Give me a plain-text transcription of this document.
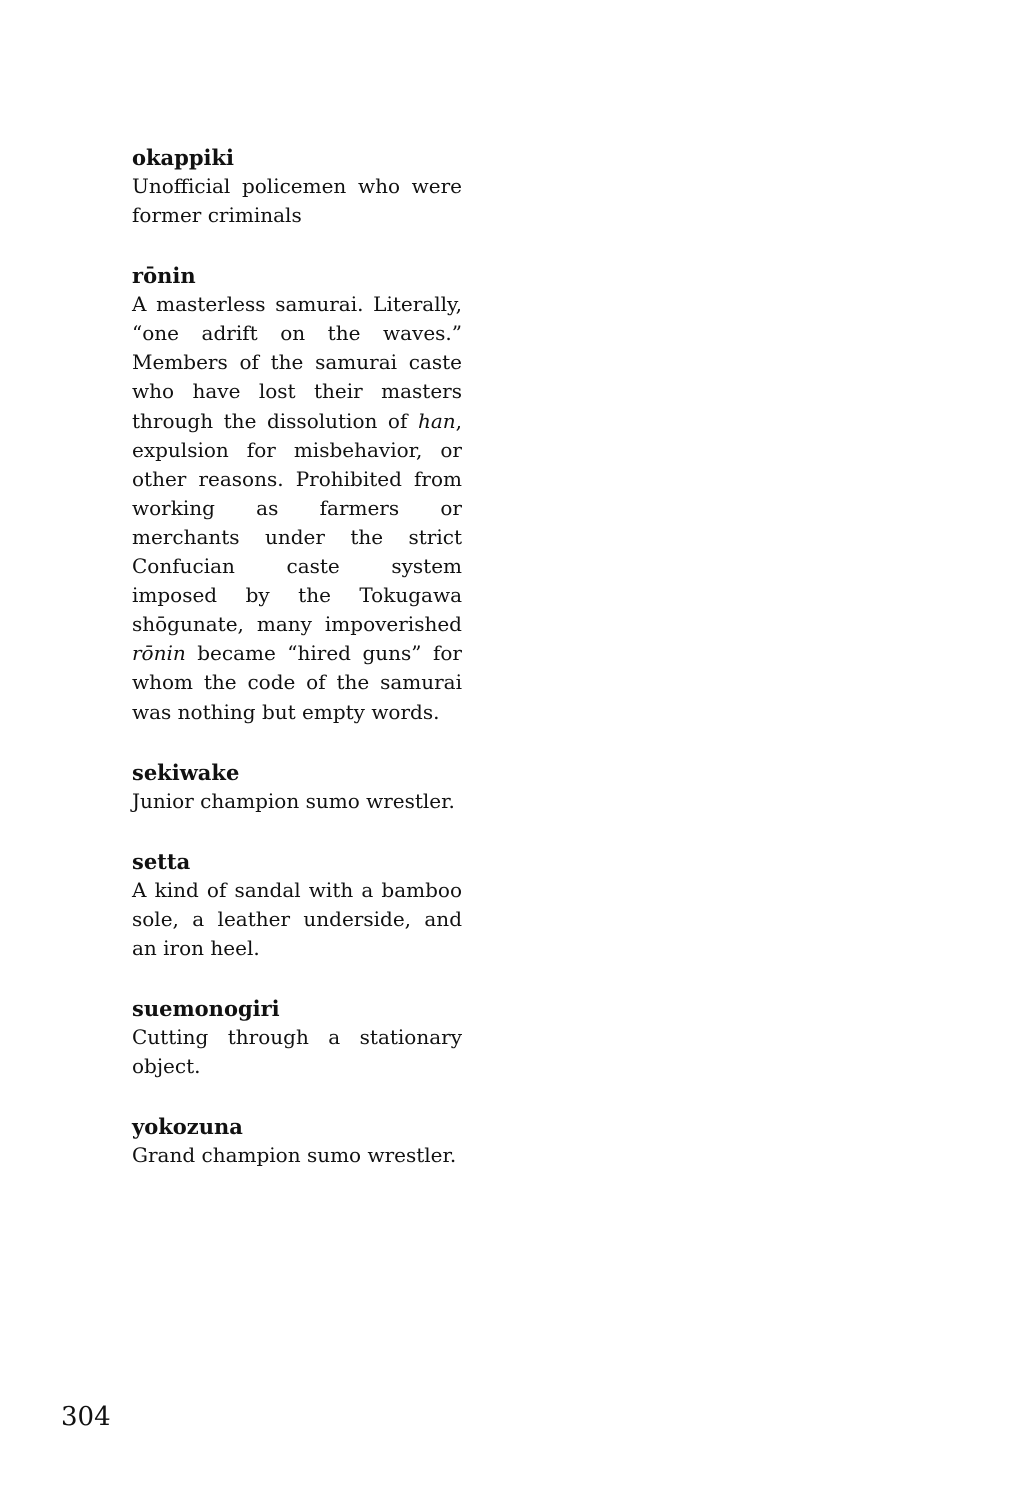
okappiki

Unofficial policemen who were former criminals

rōnin

A masterless samurai. Literally, “one adrift on the waves.” Members of the samurai caste who have lost their masters through the dissolution of han, expulsion for misbehavior, or other reasons. Prohibited from working as farmers or merchants under the strict Confucian caste system imposed by the Tokugawa shōgunate, many impoverished rōnin became “hired guns” for whom the code of the samurai was nothing but empty words.

sekiwake

Junior champion sumo wrestler.

setta

A kind of sandal with a bamboo sole, a leather underside, and an iron heel.

suemonogiri

Cutting through a stationary object.

yokozuna

Grand champion sumo wrestler.

304
